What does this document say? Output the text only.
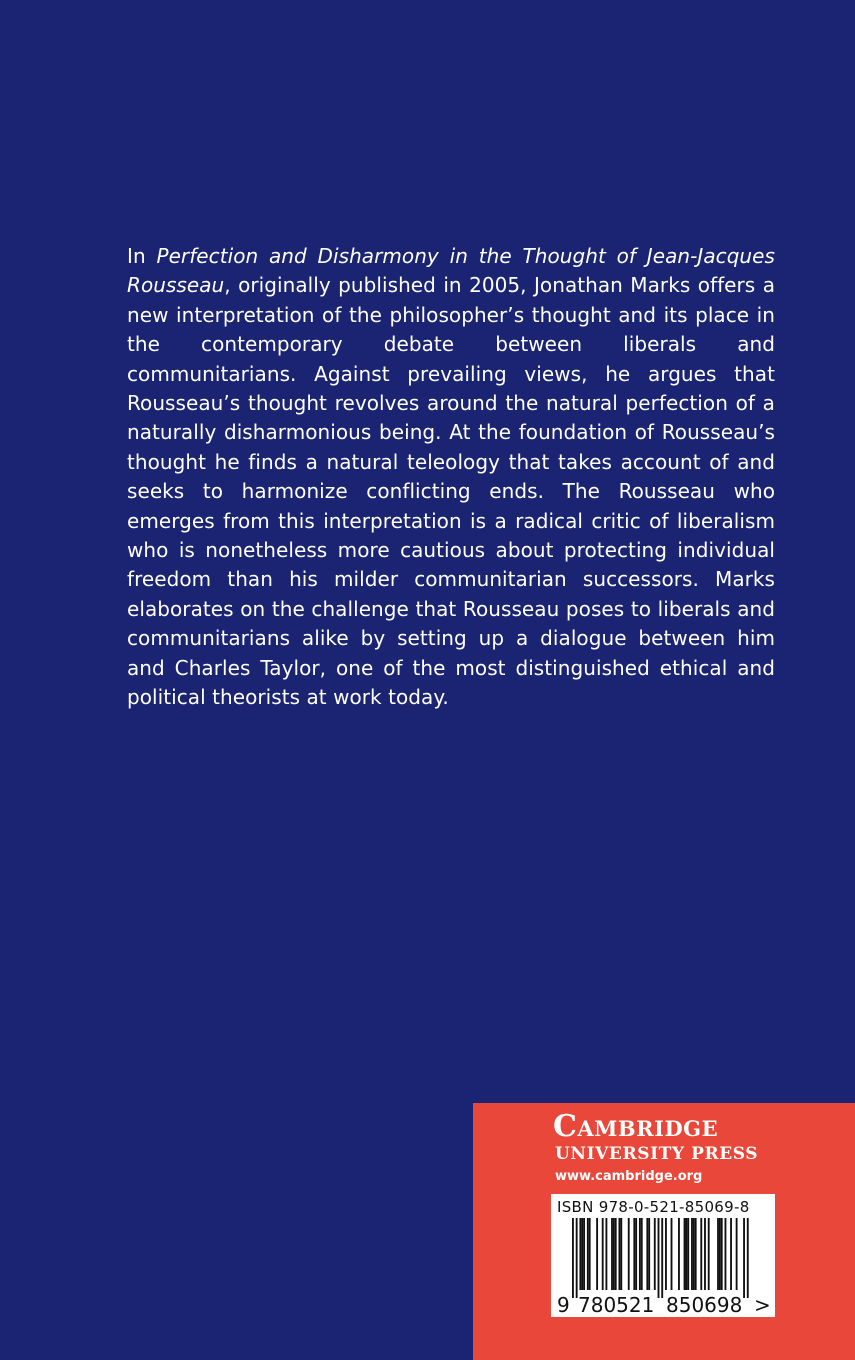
In Perfection and Disharmony in the Thought of Jean-Jacques Rousseau, originally published in 2005, Jonathan Marks offers a new interpretation of the philosopher’s thought and its place in the contemporary debate between liberals and communitarians. Against prevailing views, he argues that Rousseau’s thought revolves around the natural perfection of a naturally disharmonious being. At the foundation of Rousseau’s thought he finds a natural teleology that takes account of and seeks to harmonize conflicting ends. The Rousseau who emerges from this interpretation is a radical critic of liberalism who is nonetheless more cautious about protecting individual freedom than his milder communitarian successors. Marks elaborates on the challenge that Rousseau poses to liberals and communitarians alike by setting up a dialogue between him and Charles Taylor, one of the most distinguished ethical and political theorists at work today.

Cambridge
UNIVERSITY PRESS
www.cambridge.org
ISBN 978-0-521-85069-8
9 780521 850698 >
